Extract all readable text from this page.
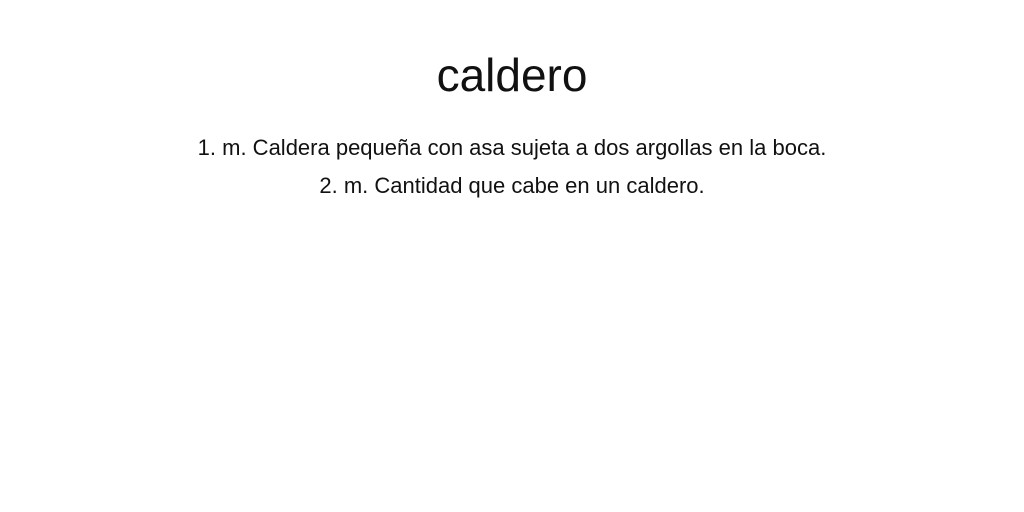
caldero
1. m. Caldera pequeña con asa sujeta a dos argollas en la boca.
2. m. Cantidad que cabe en un caldero.
